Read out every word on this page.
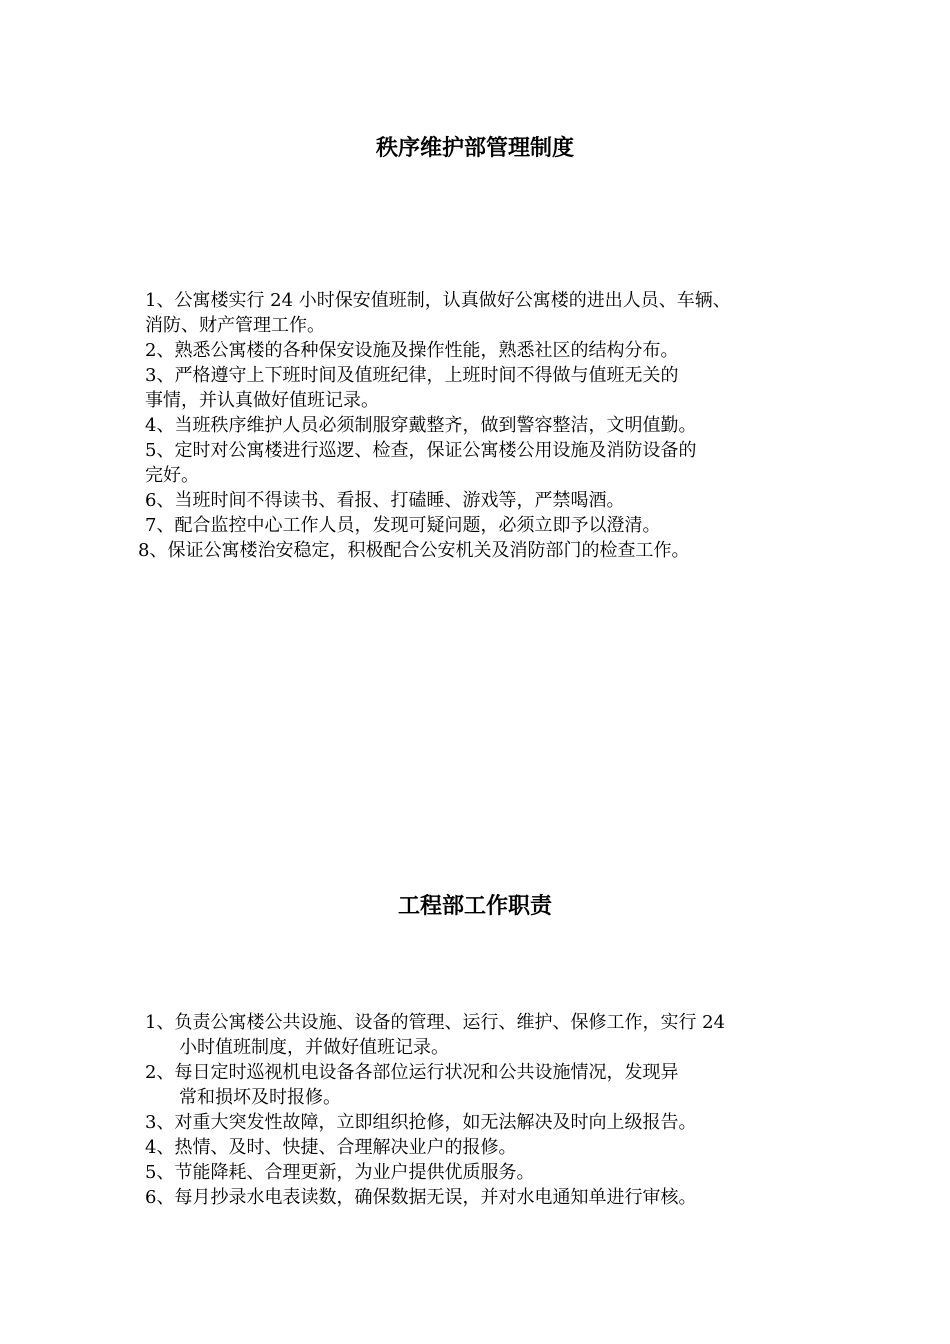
秩序维护部管理制度
1、公寓楼实行 24 小时保安值班制，认真做好公寓楼的进出人员、车辆、
消防、财产管理工作。
2、熟悉公寓楼的各种保安设施及操作性能，熟悉社区的结构分布。
3、严格遵守上下班时间及值班纪律，上班时间不得做与值班无关的
事情，并认真做好值班记录。
4、当班秩序维护人员必须制服穿戴整齐，做到警容整洁，文明值勤。
5、定时对公寓楼进行巡逻、检查，保证公寓楼公用设施及消防设备的
完好。
6、当班时间不得读书、看报、打磕睡、游戏等，严禁喝酒。
7、配合监控中心工作人员，发现可疑问题，必须立即予以澄清。
8、保证公寓楼治安稳定，积极配合公安机关及消防部门的检查工作。
工程部工作职责
1、负责公寓楼公共设施、设备的管理、运行、维护、保修工作，实行 24
小时值班制度，并做好值班记录。
2、每日定时巡视机电设备各部位运行状况和公共设施情况，发现异
常和损坏及时报修。
3、对重大突发性故障，立即组织抢修，如无法解决及时向上级报告。
4、热情、及时、快捷、合理解决业户的报修。
5、节能降耗、合理更新，为业户提供优质服务。
6、每月抄录水电表读数，确保数据无误，并对水电通知单进行审核。
